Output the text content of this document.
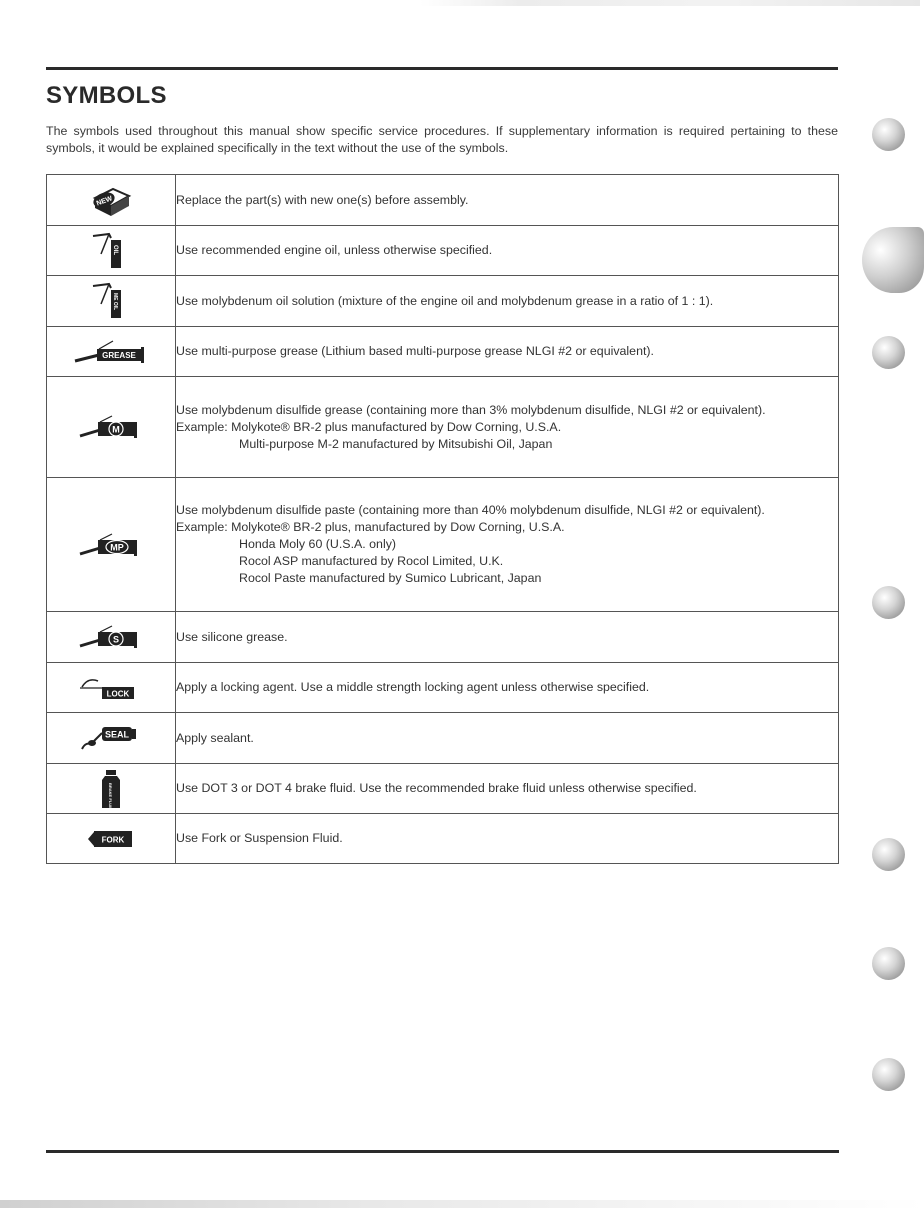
SYMBOLS

The symbols used throughout this manual show specific service procedures. If supplementary information is required pertaining to these symbols, it would be explained specifically in the text without the use of the symbols.

NEW	Replace the part(s) with new one(s) before assembly.

OIL	Use recommended engine oil, unless otherwise specified.

ME OIL	Use molybdenum oil solution (mixture of the engine oil and molybdenum grease in a ratio of 1 : 1).

GREASE	Use multi-purpose grease (Lithium based multi-purpose grease NLGI #2 or equivalent).

M	Use molybdenum disulfide grease (containing more than 3% molybdenum disulfide, NLGI #2 or equivalent).
Example: Molykote® BR-2 plus manufactured by Dow Corning, U.S.A.
Multi-purpose M-2 manufactured by Mitsubishi Oil, Japan

MP	Use molybdenum disulfide paste (containing more than 40% molybdenum disulfide, NLGI #2 or equivalent).
Example: Molykote® BR-2 plus, manufactured by Dow Corning, U.S.A.
Honda Moly 60 (U.S.A. only)
Rocol ASP manufactured by Rocol Limited, U.K.
Rocol Paste manufactured by Sumico Lubricant, Japan

S	Use silicone grease.

LOCK	Apply a locking agent. Use a middle strength locking agent unless otherwise specified.

SEAL	Apply sealant.

BRAKE FLUID	Use DOT 3 or DOT 4 brake fluid. Use the recommended brake fluid unless otherwise specified.

FORK	Use Fork or Suspension Fluid.
